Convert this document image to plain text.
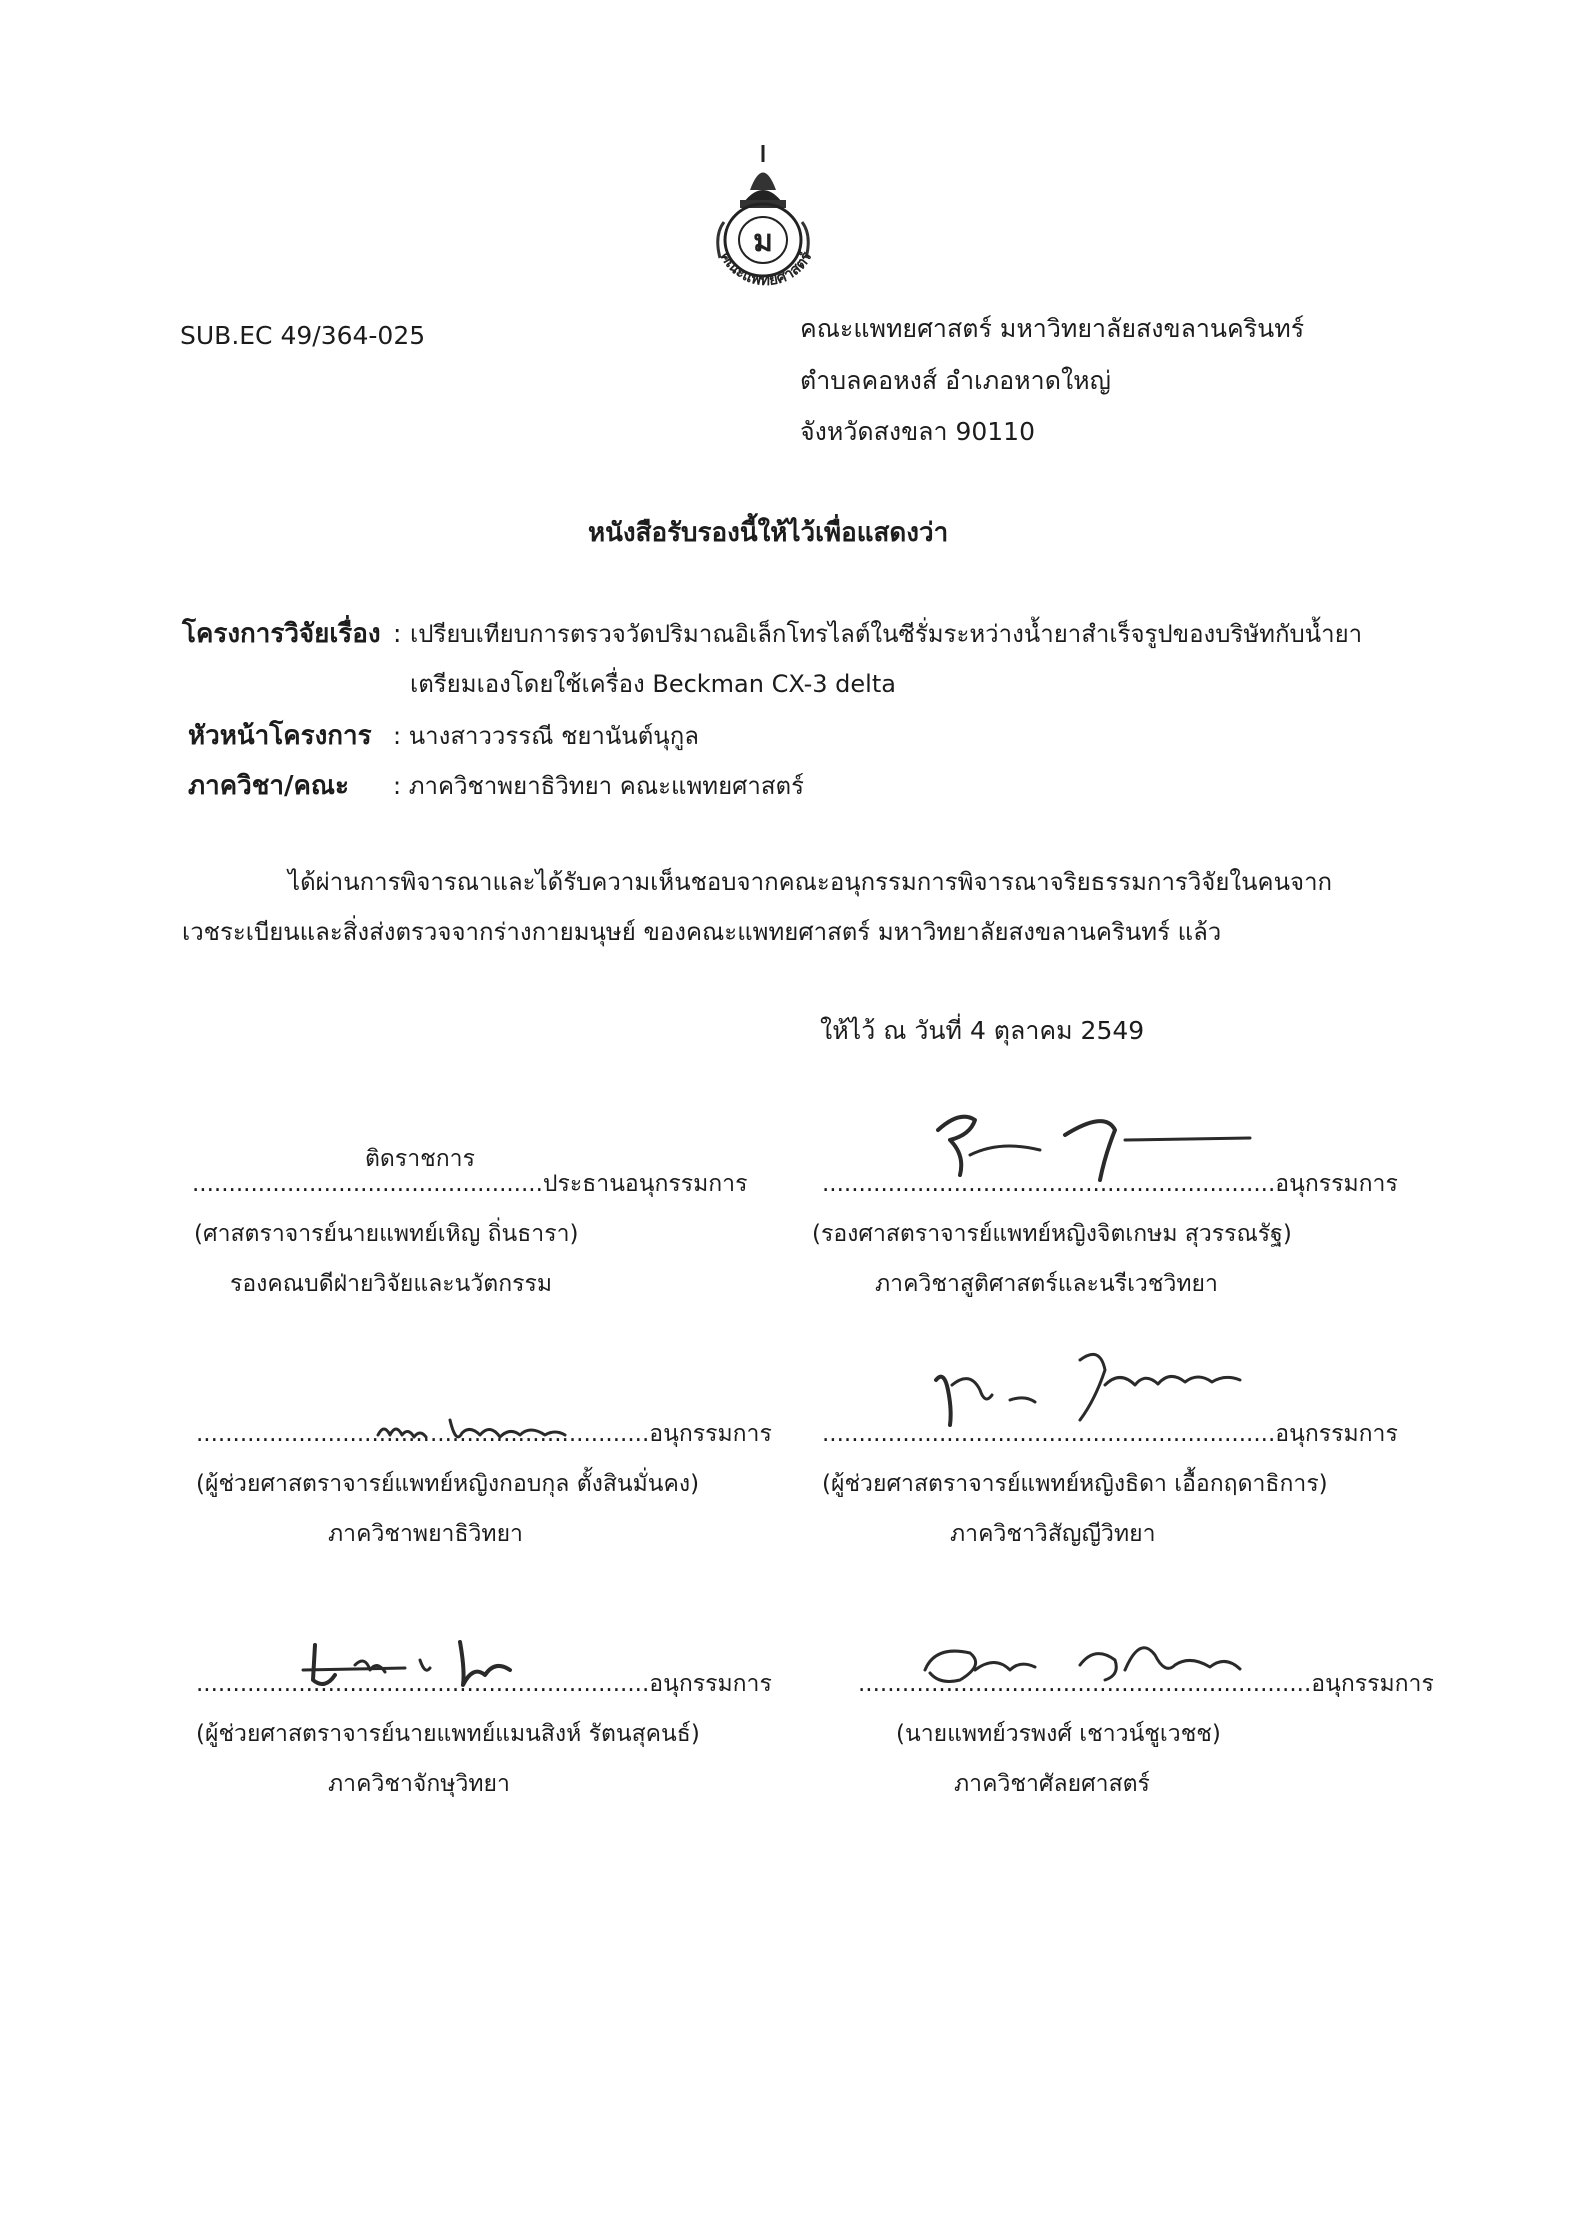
ม
คณะแพทยศาสตร์
SUB.EC 49/364-025	คณะแพทยศาสตร์ มหาวิทยาลัยสงขลานครินทร์
ตำบลคอหงส์ อำเภอหาดใหญ่
จังหวัดสงขลา 90110
หนังสือรับรองนี้ให้ไว้เพื่อแสดงว่า
โครงการวิจัยเรื่อง : เปรียบเทียบการตรวจวัดปริมาณอิเล็กโทรไลต์ในซีรั่มระหว่างน้ำยาสำเร็จรูปของบริษัทกับน้ำยา
เตรียมเองโดยใช้เครื่อง Beckman CX-3 delta
หัวหน้าโครงการ : นางสาววรรณี ชยานันต์นุกูล
ภาควิชา/คณะ : ภาควิชาพยาธิวิทยา คณะแพทยศาสตร์
ได้ผ่านการพิจารณาและได้รับความเห็นชอบจากคณะอนุกรรมการพิจารณาจริยธรรมการวิจัยในคนจาก
เวชระเบียนและสิ่งส่งตรวจจากร่างกายมนุษย์ ของคณะแพทยศาสตร์ มหาวิทยาลัยสงขลานครินทร์ แล้ว
ให้ไว้ ณ วันที่ 4 ตุลาคม 2549
ติดราชการ
................................................ประธานอนุกรรมการ
(ศาสตราจารย์นายแพทย์เหิญ ถิ่นธารา)
รองคณบดีฝ่ายวิจัยและนวัตกรรม
..............................................................อนุกรรมการ
(รองศาสตราจารย์แพทย์หญิงจิตเกษม สุวรรณรัฐ)
ภาควิชาสูติศาสตร์และนรีเวชวิทยา
..............................................................อนุกรรมการ
(ผู้ช่วยศาสตราจารย์แพทย์หญิงกอบกุล ตั้งสินมั่นคง)
ภาควิชาพยาธิวิทยา
..............................................................อนุกรรมการ
(ผู้ช่วยศาสตราจารย์แพทย์หญิงธิดา เอื้อกฤดาธิการ)
ภาควิชาวิสัญญีวิทยา
..............................................................อนุกรรมการ
(ผู้ช่วยศาสตราจารย์นายแพทย์แมนสิงห์ รัตนสุคนธ์)
ภาควิชาจักษุวิทยา
..............................................................อนุกรรมการ
(นายแพทย์วรพงศ์ เชาวน์ชูเวชช)
ภาควิชาศัลยศาสตร์
